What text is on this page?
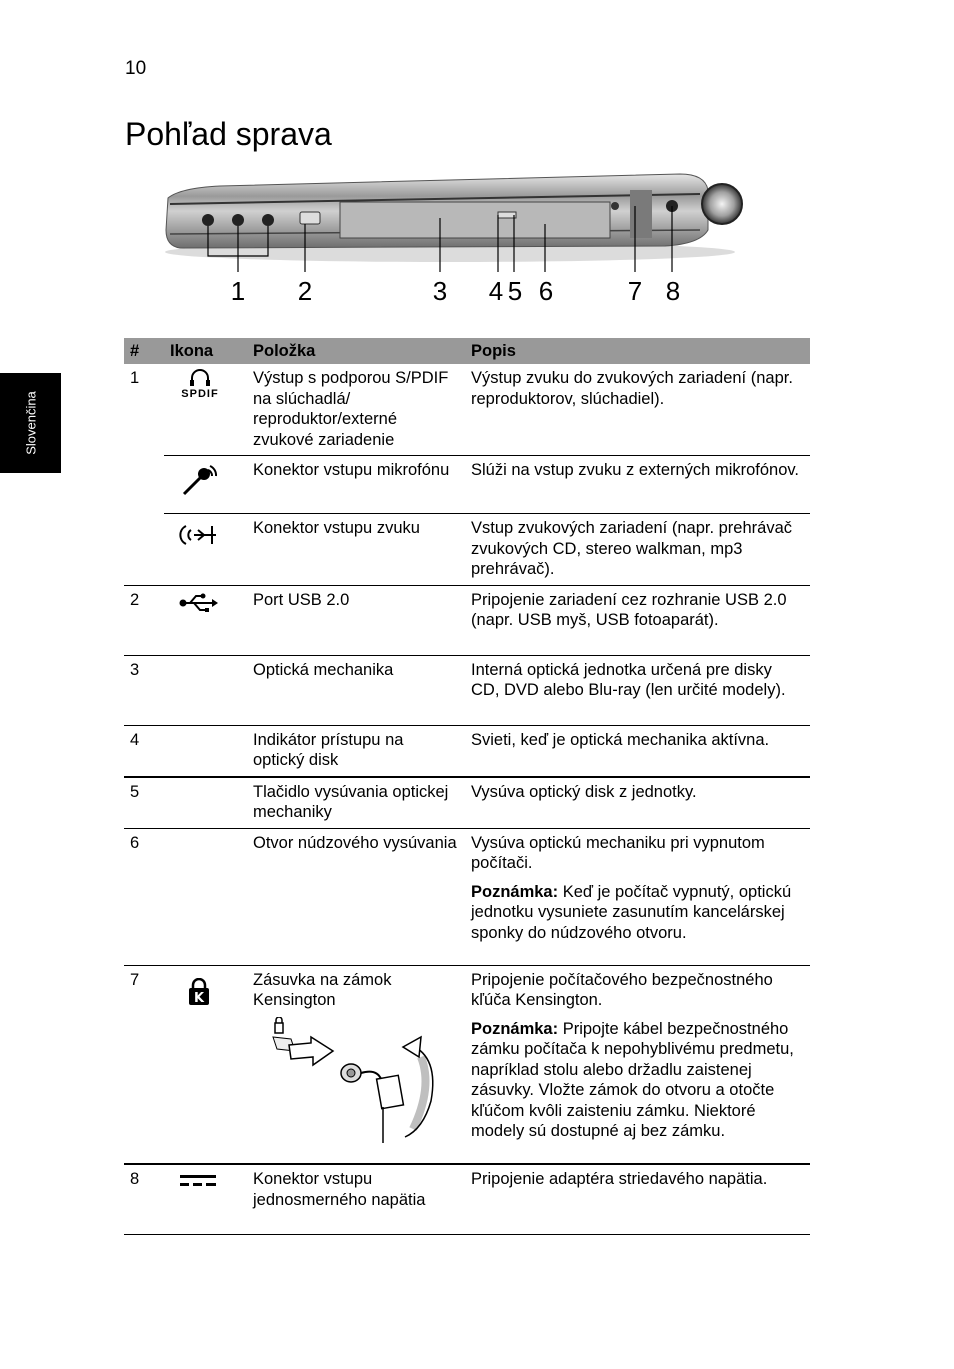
10
Pohľad sprava
Slovenčina
1 2	3 4 5 6	7 8
#	Ikona	Položka	Popis
1	SPDIF	Výstup s podporou S/PDIF na slúchadlá/ reproduktor/externé zvukové zariadenie	Výstup zvuku do zvukových zariadení (napr. reproduktorov, slúchadiel).

	Konektor vstupu mikrofónu	Slúži na vstup zvuku z externých mikrofónov.

	Konektor vstupu zvuku	Vstup zvukových zariadení (napr. prehrávač zvukových CD, stereo walkman, mp3 prehrávač).
2		Port USB 2.0	Pripojenie zariadení cez rozhranie USB 2.0 (napr. USB myš, USB fotoaparát).
3		Optická mechanika	Interná optická jednotka určená pre disky CD, DVD alebo Blu-ray (len určité modely).
4		Indikátor prístupu na optický disk	Svieti, keď je optická mechanika aktívna.
5		Tlačidlo vysúvania optickej mechaniky	Vysúva optický disk z jednotky.
6		Otvor núdzového vysúvania	Vysúva optickú mechaniku pri vypnutom počítači.
Poznámka: Keď je počítač vypnutý, optickú jednotku vysuniete zasunutím kancelárskej sponky do núdzového otvoru.

7	K	Zásuvka na zámok Kensington	Pripojenie počítačového bezpečnostného kľúča Kensington.
Poznámka: Pripojte kábel bezpečnostného zámku počítača k nepohyblivému predmetu, napríklad stolu alebo držadlu zaistenej zásuvky. Vložte zámok do otvoru a otočte kľúčom kvôli zaisteniu zámku. Niektoré modely sú dostupné aj bez zámku.

8		Konektor vstupu jednosmerného napätia	Pripojenie adaptéra striedavého napätia.
